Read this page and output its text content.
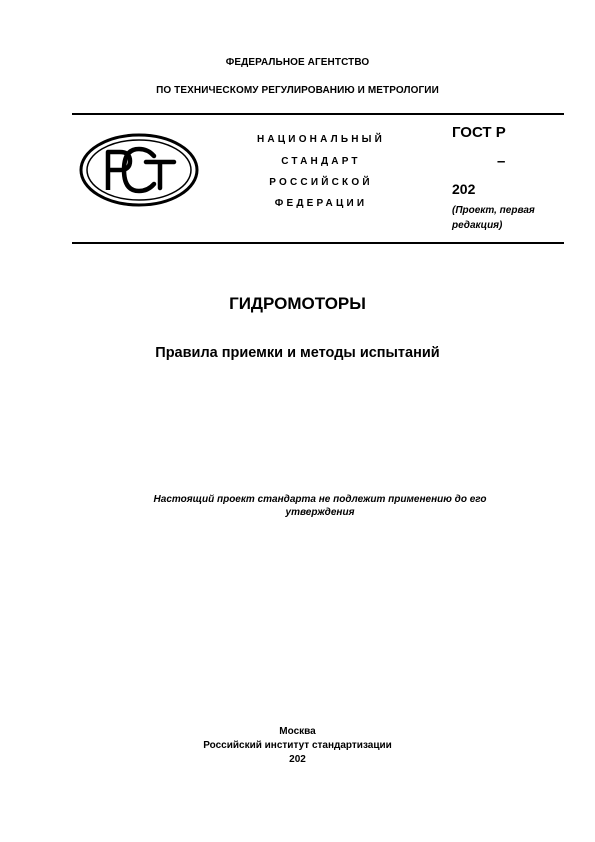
ФЕДЕРАЛЬНОЕ АГЕНТСТВО
ПО ТЕХНИЧЕСКОМУ РЕГУЛИРОВАНИЮ И МЕТРОЛОГИИ
НАЦИОНАЛЬНЫЙ
СТАНДАРТ
РОССИЙСКОЙ
ФЕДЕРАЦИИ
ГОСТ Р
–
202
(Проект, первая
редакция)
ГИДРОМОТОРЫ
Правила приемки и методы испытаний
Настоящий проект стандарта не подлежит применению до его
утверждения
Москва
Российский институт стандартизации
202
